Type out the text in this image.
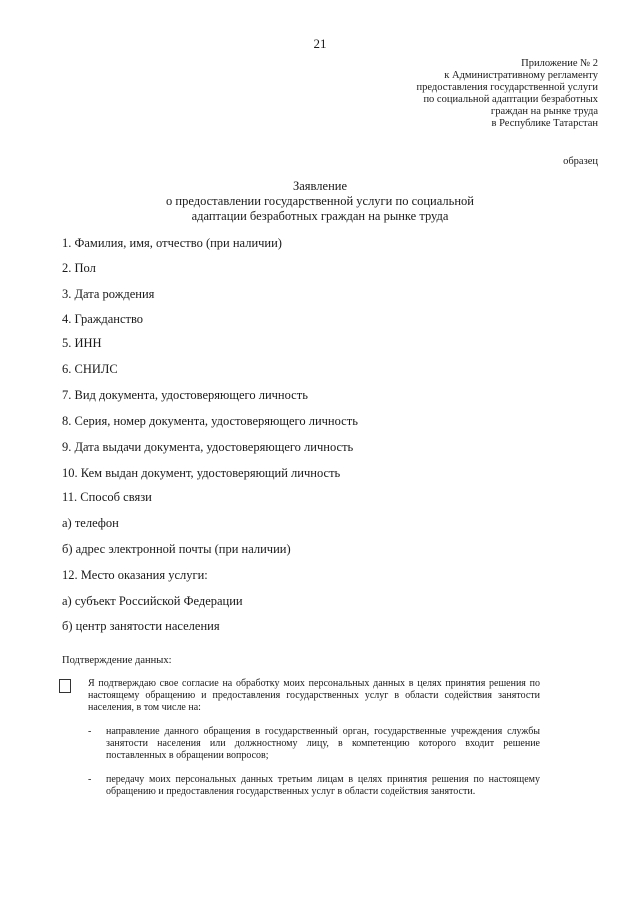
21
Приложение № 2
к Административному регламенту
предоставления государственной услуги
по социальной адаптации безработных
граждан на рынке труда
в Республике Татарстан
образец
Заявление
о предоставлении государственной услуги по социальной
адаптации безработных граждан на рынке труда
1. Фамилия, имя, отчество (при наличии)
2. Пол
3. Дата рождения
4. Гражданство
5. ИНН
6. СНИЛС
7. Вид документа, удостоверяющего личность
8. Серия, номер документа, удостоверяющего личность
9. Дата выдачи документа, удостоверяющего личность
10. Кем выдан документ, удостоверяющий личность
11. Способ связи
а) телефон
б) адрес электронной почты (при наличии)
12. Место оказания услуги:
а) субъект Российской Федерации
б) центр занятости населения
Подтверждение данных:
Я подтверждаю свое согласие на обработку моих персональных данных в целях принятия решения по настоящему обращению и предоставления государственных услуг в области содействия занятости населения, в том числе на:
- направление данного обращения в государственный орган, государственные учреждения службы занятости населения или должностному лицу, в компетенцию которого входит решение поставленных в обращении вопросов;
- передачу моих персональных данных третьим лицам в целях принятия решения по настоящему обращению и предоставления государственных услуг в области содействия занятости.
